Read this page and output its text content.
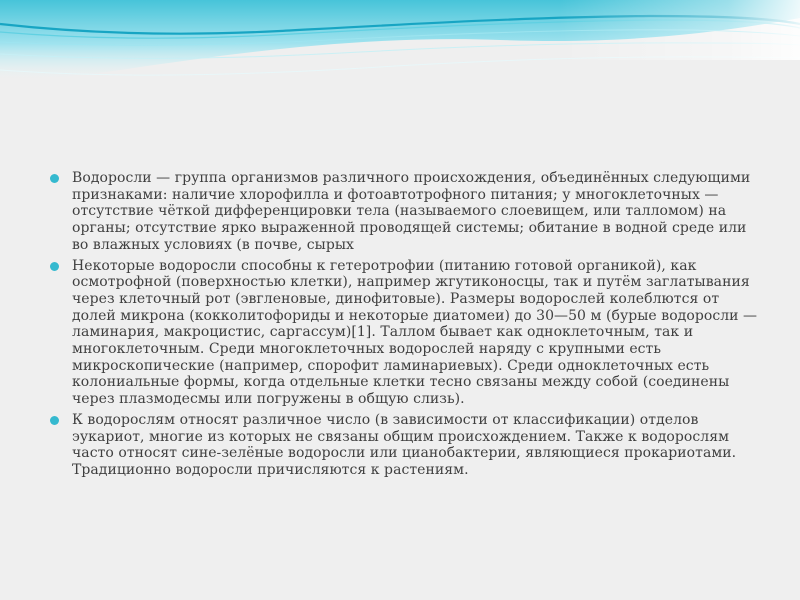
Водоросли — группа организмов различного происхождения, объединённых следующими признаками: наличие хлорофилла и фотоавтотрофного питания; у многоклеточных — отсутствие чёткой дифференцировки тела (называемого слоевищем, или талломом) на органы; отсутствие ярко выраженной проводящей системы; обитание в водной среде или во влажных условиях (в почве, сырых
Некоторые водоросли способны к гетеротрофии (питанию готовой органикой), как осмотрофной (поверхностью клетки), например жгутиконосцы, так и путём заглатывания через клеточный рот (эвгленовые, динофитовые). Размеры водорослей колеблются от долей микрона (кокколитофориды и некоторые диатомеи) до 30—50 м (бурые водоросли — ламинария, макроцистис, саргассум)[1]. Таллом бывает как одноклеточным, так и многоклеточным. Среди многоклеточных водорослей наряду с крупными есть микроскопические (например, спорофит ламинариевых). Среди одноклеточных есть колониальные формы, когда отдельные клетки тесно связаны между собой (соединены через плазмодесмы или погружены в общую слизь).
К водорослям относят различное число (в зависимости от классификации) отделов эукариот, многие из которых не связаны общим происхождением. Также к водорослям часто относят сине-зелёные водоросли или цианобактерии, являющиеся прокариотами. Традиционно водоросли причисляются к растениям.
